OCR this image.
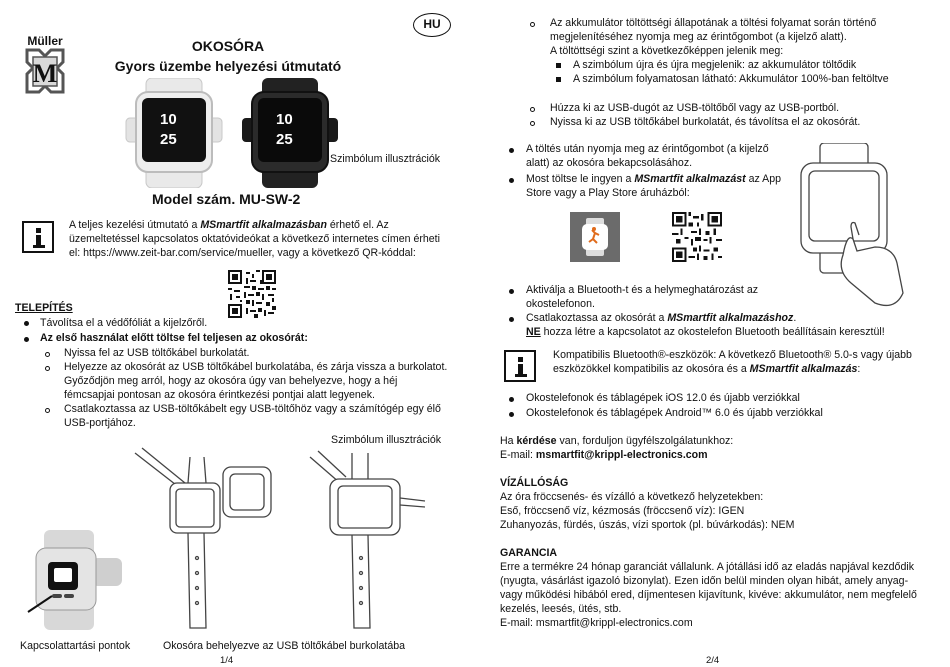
HU
Müller
M
OKOSÓRA
Gyors üzembe helyezési útmutató
10
25
10
25
Szimbólum illusztrációk
Model szám. MU-SW-2
A teljes kezelési útmutató a MSmartfit alkalmazásban érhető el. Az
üzemeltetéssel kapcsolatos oktatóvideókat a következő internetes címen érheti
el: https://www.zeit-bar.com/service/mueller, vagy a következő QR-kóddal:
TELEPÍTÉS
Távolítsa el a védőfóliát a kijelzőről.
Az első használat előtt töltse fel teljesen az okosórát:
Nyissa fel az USB töltőkábel burkolatát.
Helyezze az okosórát az USB töltőkábel burkolatába, és zárja vissza a burkolatot.
Győződjön meg arról, hogy az okosóra úgy van behelyezve, hogy a héj
fémcsapjai pontosan az okosóra érintkezési pontjai alatt legyenek.
Csatlakoztassa az USB-töltőkábelt egy USB-töltőhöz vagy a számítógép egy élő
USB-portjához.
Szimbólum illusztrációk
Kapcsolattartási pontok	Okosóra behelyezve az USB töltőkábel burkolatába
1/4
Az akkumulátor töltöttségi állapotának a töltési folyamat során történő
megjelenítéséhez nyomja meg az érintőgombot (a kijelző alatt).
A töltöttségi szint a következőképpen jelenik meg:
A szimbólum újra és újra megjelenik: az akkumulátor töltődik
A szimbólum folyamatosan látható: Akkumulátor 100%-ban feltöltve
Húzza ki az USB-dugót az USB-töltőből vagy az USB-portból.
Nyissa ki az USB töltőkábel burkolatát, és távolítsa el az okosórát.
A töltés után nyomja meg az érintőgombot (a kijelző
alatt) az okosóra bekapcsolásához.
Most töltse le ingyen a MSmartfit alkalmazást az App
Store vagy a Play Store áruházból:
Aktiválja a Bluetooth-t és a helymeghatározást az
okostelefonon.
Csatlakoztassa az okosórát a MSmartfit alkalmazáshoz.
NE hozza létre a kapcsolatot az okostelefon Bluetooth beállításain keresztül!
Kompatibilis Bluetooth®-eszközök: A következő Bluetooth® 5.0-s vagy újabb
eszközökkel kompatibilis az okosóra és a MSmartfit alkalmazás:
Okostelefonok és táblagépek iOS 12.0 és újabb verziókkal
Okostelefonok és táblagépek Android™ 6.0 és újabb verziókkal
Ha kérdése van, forduljon ügyfélszolgálatunkhoz:
E-mail: msmartfit@krippl-electronics.com
VÍZÁLLÓSÁG
Az óra fröccsenés- és vízálló a következő helyzetekben:
Eső, fröccsenő víz, kézmosás (fröccsenő víz): IGEN
Zuhanyozás, fürdés, úszás, vízi sportok (pl. búvárkodás): NEM
GARANCIA
Erre a termékre 24 hónap garanciát vállalunk. A jótállási idő az eladás napjával kezdődik
(nyugta, vásárlást igazoló bizonylat). Ezen időn belül minden olyan hibát, amely anyag-
vagy működési hibából ered, díjmentesen kijavítunk, kivéve: akkumulátor, nem megfelelő
kezelés, leesés, ütés, stb.
E-mail: msmartfit@krippl-electronics.com
2/4
